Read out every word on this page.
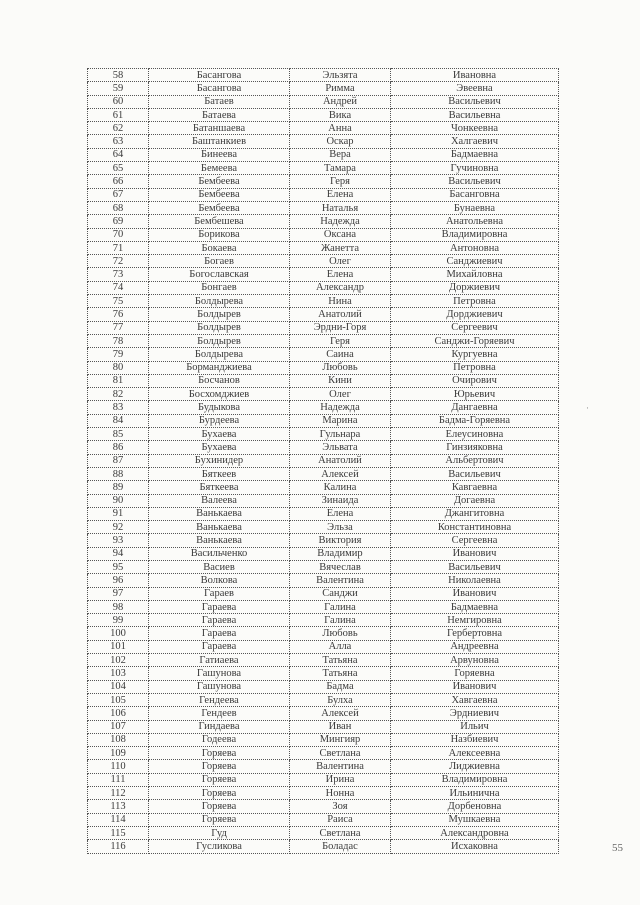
58	Басангова	Эльзята	Ивановна
59	Басангова	Римма	Эвеевна
60	Батаев	Андрей	Васильевич
61	Батаева	Вика	Васильевна
62	Батаншаева	Анна	Чонкеевна
63	Баштанкиев	Оскар	Халгаевич
64	Бинеева	Вера	Бадмаевна
65	Бемеева	Тамара	Гучиновна
66	Бембеева	Геря	Васильевич
67	Бембеева	Елена	Басанговна
68	Бембеева	Наталья	Бунаевна
69	Бембешева	Надежда	Анатольевна
70	Борикова	Оксана	Владимировна
71	Бокаева	Жанетта	Антоновна
72	Богаев	Олег	Санджиевич
73	Богославская	Елена	Михайловна
74	Бонгаев	Александр	Доржиевич
75	Болдырева	Нина	Петровна
76	Болдырев	Анатолий	Дорджиевич
77	Болдырев	Эрдни-Горя	Сергеевич
78	Болдырев	Геря	Санджи-Горяевич
79	Болдырева	Саина	Кургуевна
80	Борманджиева	Любовь	Петровна
81	Босчанов	Кини	Очирович
82	Босхомджиев	Олег	Юрьевич
83	Будыкова	Надежда	Дангаевна
84	Бурдеева	Марина	Бадма-Горяевна
85	Бухаева	Гульнара	Елеусиновна
86	Бухаева	Эльвата	Гинзияковна
87	Бухинидер	Анатолий	Альбертович
88	Бяткеев	Алексей	Васильевич
89	Бяткеева	Калина	Кавгаевна
90	Валеева	Зинаида	Догаевна
91	Ванькаева	Елена	Джангитовна
92	Ванькаева	Эльза	Константиновна
93	Ванькаева	Виктория	Сергеевна
94	Васильченко	Владимир	Иванович
95	Васиев	Вячеслав	Васильевич
96	Волкова	Валентина	Николаевна
97	Гараев	Санджи	Иванович
98	Гараева	Галина	Бадмаевна
99	Гараева	Галина	Немгировна
100	Гараева	Любовь	Гербертовна
101	Гараева	Алла	Андреевна
102	Гатиаева	Татьяна	Арвуновна
103	Гашунова	Татьяна	Горяевна
104	Гашунова	Бадма	Иванович
105	Гендеева	Булха	Хавгаевна
106	Гендеев	Алексей	Эрдниевич
107	Гиндаева	Иван	Ильич
108	Годеева	Мингияр	Назбиевич
109	Горяева	Светлана	Алексеевна
110	Горяева	Валентина	Лиджиевна
111	Горяева	Ирина	Владимировна
112	Горяева	Нонна	Ильинична
113	Горяева	Зоя	Дорбеновна
114	Горяева	Раиса	Мушкаевна
115	Гуд	Светлана	Александровна
116	Гусликова	Боладас	Исхаковна
·
55
